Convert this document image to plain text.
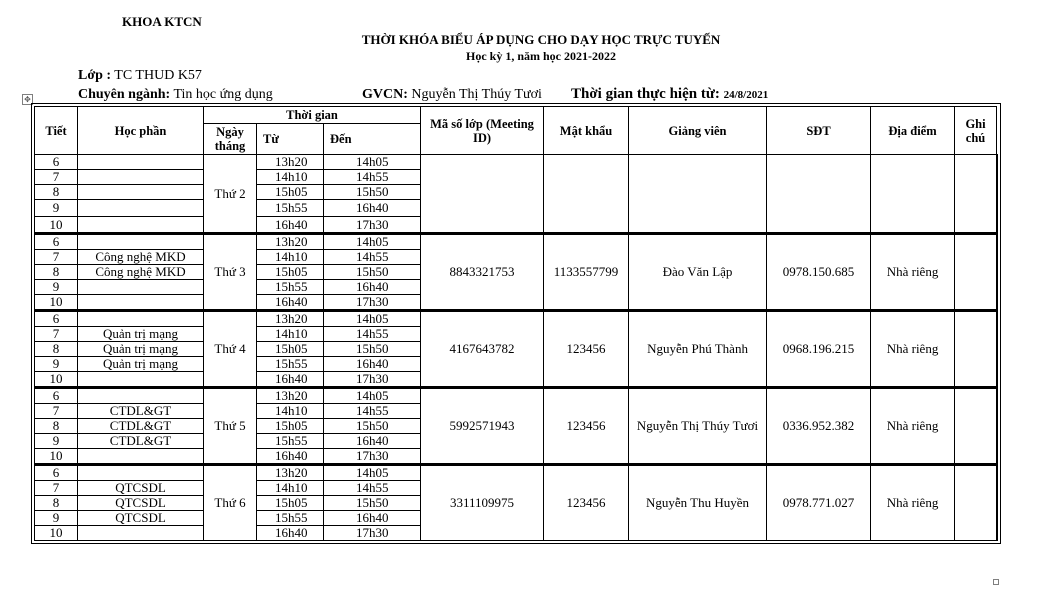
KHOA KTCN
THỜI KHÓA BIỂU ÁP DỤNG CHO DẠY HỌC TRỰC TUYẾN
Học kỳ 1, năm học 2021-2022
Lớp : TC THUD K57
Chuyên ngành: Tin học ứng dụng	GVCN: Nguyễn Thị Thúy Tươi Thời gian thực hiện từ: 24/8/2021
✥
Tiết	Học phần	Thời gian			Mã số lớp (Meeting ID)	Mật khẩu	Giảng viên	SĐT	Địa điểm	Ghi chú
		Ngày tháng	Từ	Đến						
6		Thứ 2	13h20	14h05						
7			14h10	14h55						
8			15h05	15h50						
9			15h55	16h40						
10			16h40	17h30						
6		Thứ 3	13h20	14h05	8843321753	1133557799	Đào Văn Lập	0978.150.685	Nhà riêng	
7	Công nghệ MKD		14h10	14h55						
8	Công nghệ MKD		15h05	15h50						
9			15h55	16h40						
10			16h40	17h30						
6		Thứ 4	13h20	14h05	4167643782	123456	Nguyễn Phú Thành	0968.196.215	Nhà riêng	
7	Quản trị mạng		14h10	14h55						
8	Quản trị mạng		15h05	15h50						
9	Quản trị mạng		15h55	16h40						
10			16h40	17h30						
6		Thứ 5	13h20	14h05	5992571943	123456	Nguyễn Thị Thúy Tươi	0336.952.382	Nhà riêng	
7	CTDL&GT		14h10	14h55						
8	CTDL&GT		15h05	15h50						
9	CTDL&GT		15h55	16h40						
10			16h40	17h30						
6		Thứ 6	13h20	14h05	3311109975	123456	Nguyễn Thu Huyền	0978.771.027	Nhà riêng	
7	QTCSDL		14h10	14h55						
8	QTCSDL		15h05	15h50						
9	QTCSDL		15h55	16h40						
10			16h40	17h30						
